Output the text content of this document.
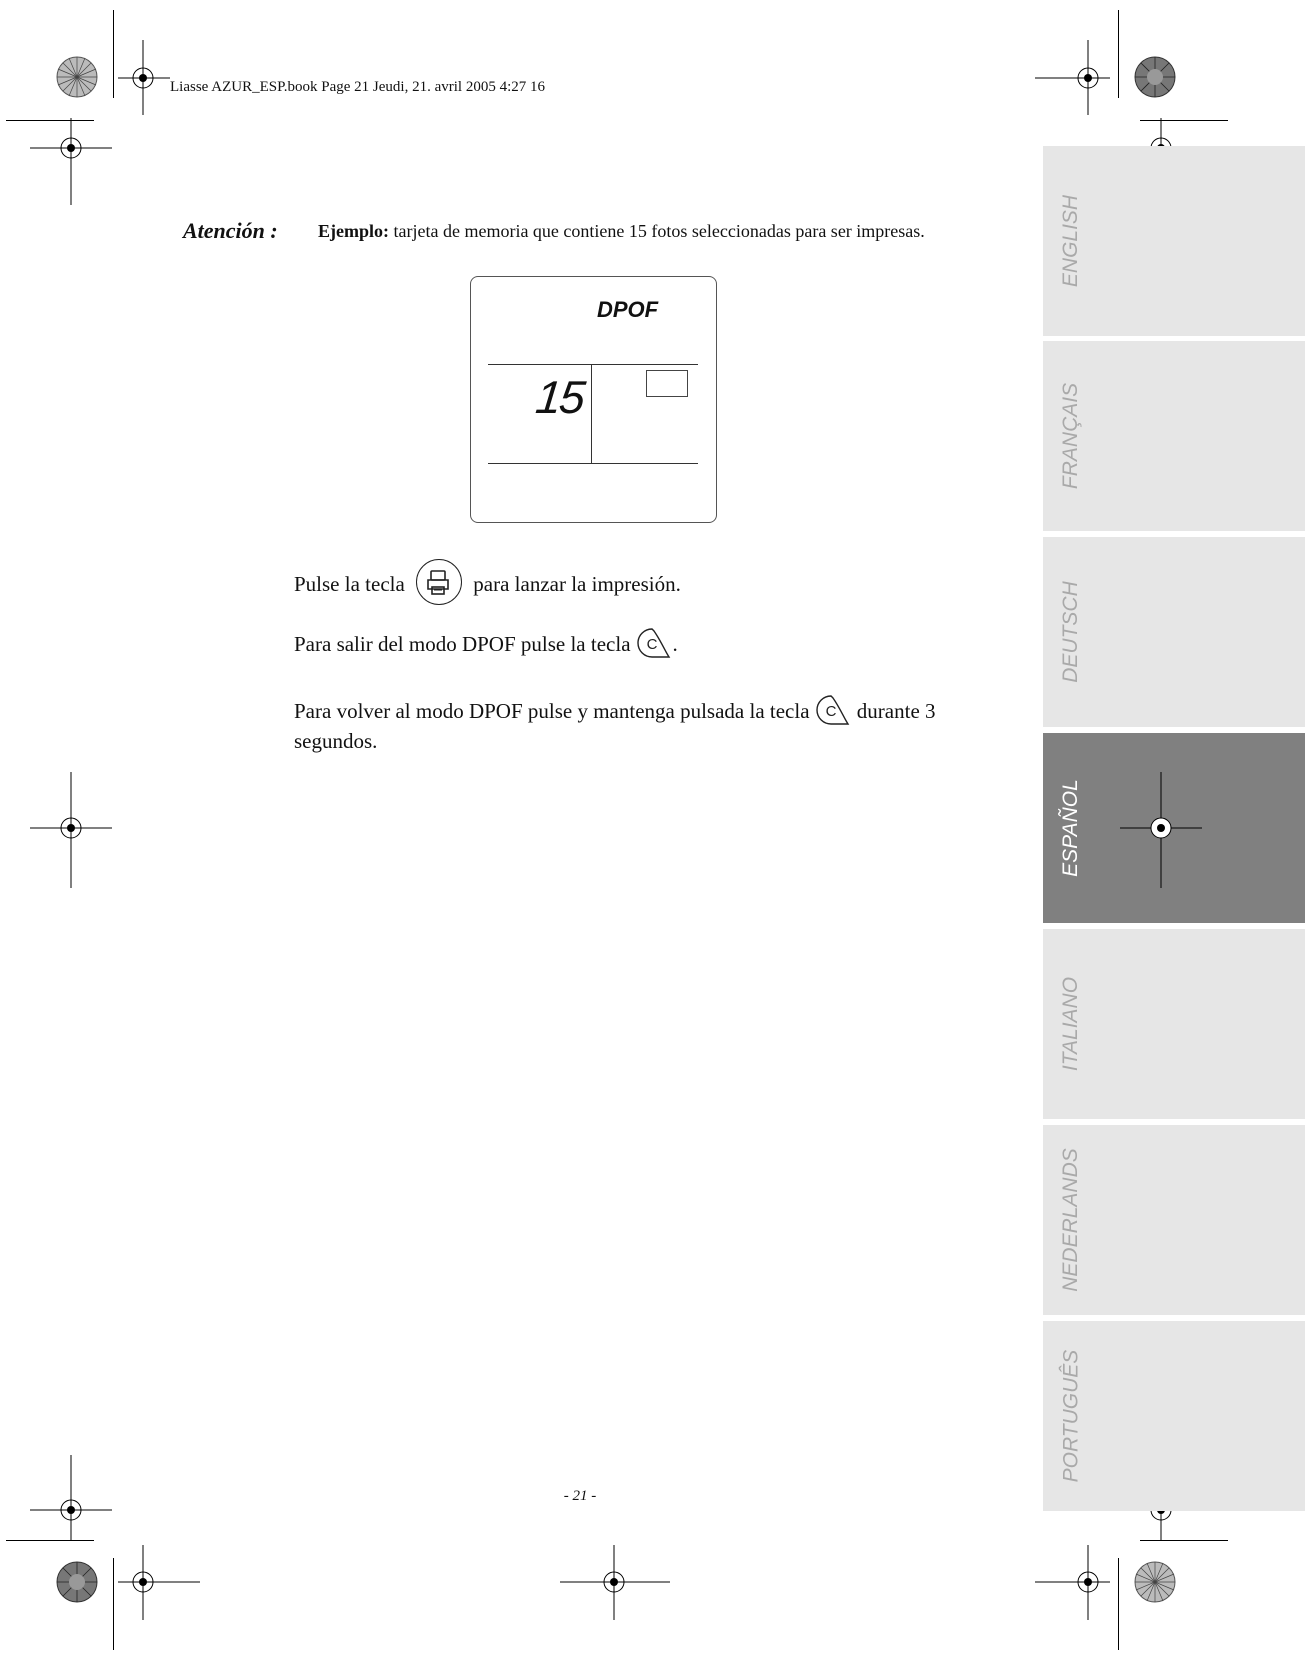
Liasse AZUR_ESP.book Page 21 Jeudi, 21. avril 2005 4:27 16
ENGLISH
FRANÇAIS
DEUTSCH
ESPAÑOL
ITALIANO
NEDERLANDS
PORTUGUÊS
Atención : Ejemplo: tarjeta de memoria que contiene 15 fotos seleccionadas para ser impresas.
DPOF
15
Pulse la tecla	para lanzar la impresión.
Para salir del modo DPOF pulse la tecla C .
Para volver al modo DPOF pulse y mantenga pulsada la tecla C durante 3
segundos.
- 21 -
